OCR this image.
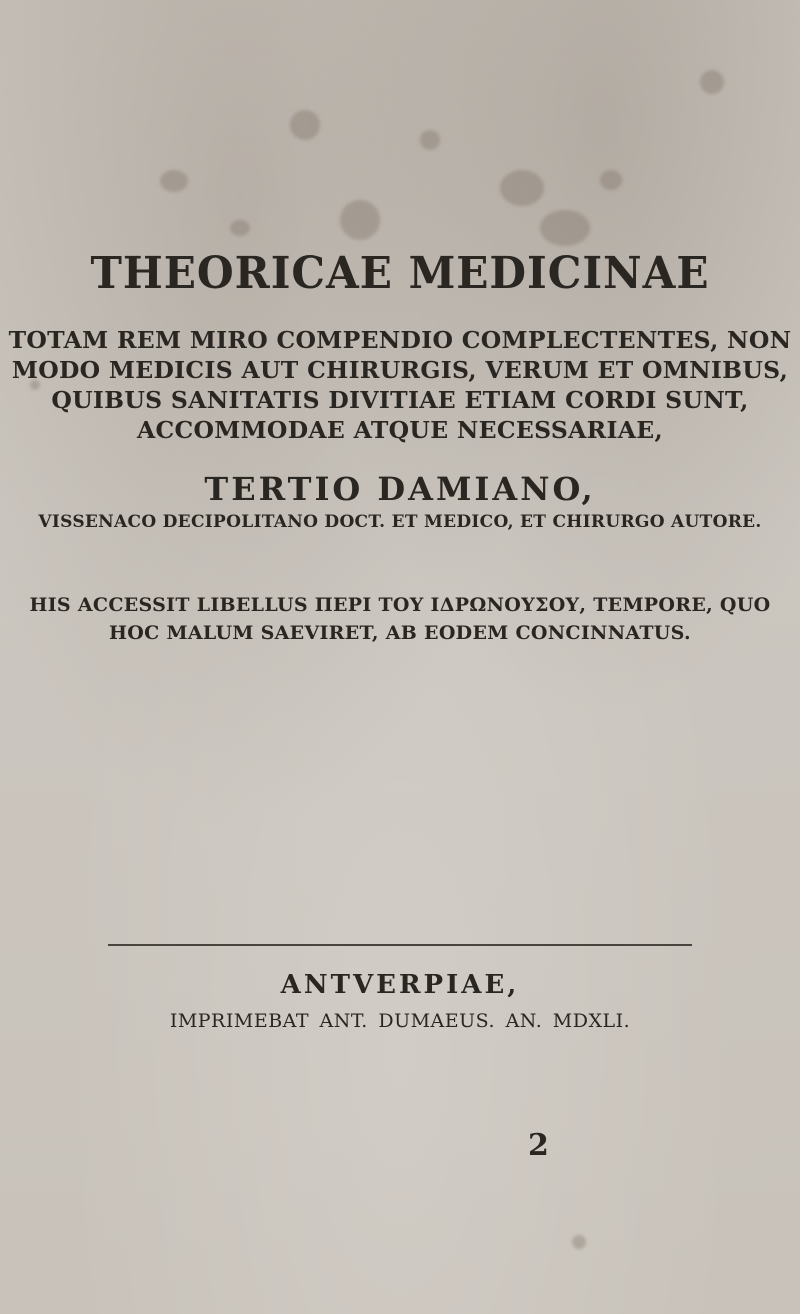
THEORICAE MEDICINAE
TOTAM REM MIRO COMPENDIO COMPLECTENTES, NON
MODO MEDICIS AUT CHIRURGIS, VERUM ET OMNIBUS,
QUIBUS SANITATIS DIVITIAE ETIAM CORDI SUNT,
ACCOMMODAE ATQUE NECESSARIAE,
TERTIO DAMIANO,
VISSENACO DECIPOLITANO DOCT. ET MEDICO, ET CHIRURGO AUTORE.
HIS ACCESSIT LIBELLUS ΠΕΡΙ ΤΟΥ ΙΔΡΩΝΟΥΣΟΥ, TEMPORE, QUO
HOC MALUM SAEVIRET, AB EODEM CONCINNATUS.
ANTVERPIAE,
IMPRIMEBAT ANT. DUMAEUS. AN. MDXLI.
2
